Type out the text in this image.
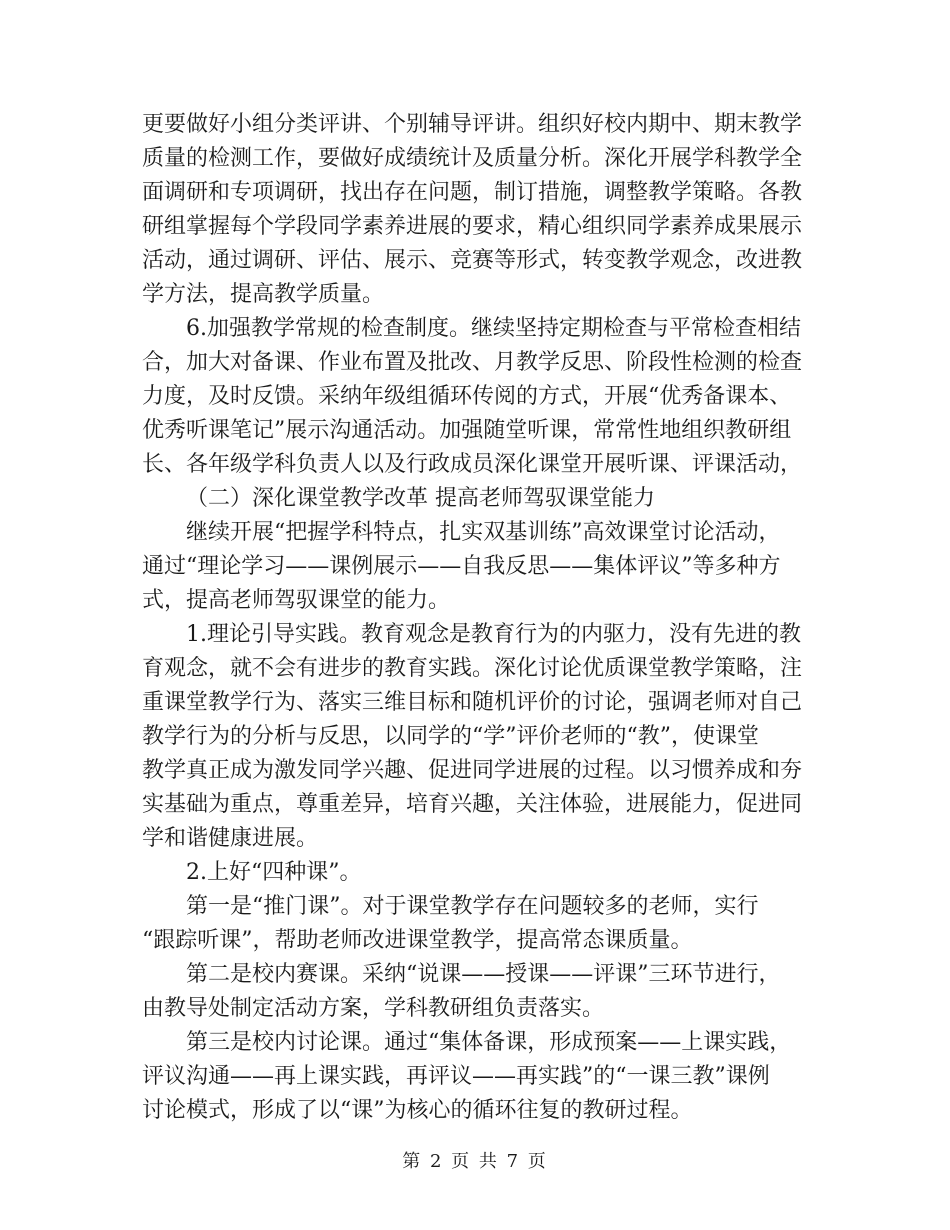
更要做好小组分类评讲、个别辅导评讲。组织好校内期中、期末教学
质量的检测工作，要做好成绩统计及质量分析。深化开展学科教学全
面调研和专项调研，找出存在问题，制订措施，调整教学策略。各教
研组掌握每个学段同学素养进展的要求，精心组织同学素养成果展示
活动，通过调研、评估、展示、竞赛等形式，转变教学观念，改进教
学方法，提高教学质量。
6.加强教学常规的检查制度。继续坚持定期检查与平常检查相结
合，加大对备课、作业布置及批改、月教学反思、阶段性检测的检查
力度，及时反馈。采纳年级组循环传阅的方式，开展“优秀备课本、
优秀听课笔记”展示沟通活动。加强随堂听课，常常性地组织教研组
长、各年级学科负责人以及行政成员深化课堂开展听课、评课活动，
（二）深化课堂教学改革 提高老师驾驭课堂能力
继续开展“把握学科特点，扎实双基训练”高效课堂讨论活动，
通过“理论学习——课例展示——自我反思——集体评议”等多种方
式，提高老师驾驭课堂的能力。
1.理论引导实践。教育观念是教育行为的内驱力，没有先进的教
育观念，就不会有进步的教育实践。深化讨论优质课堂教学策略，注
重课堂教学行为、落实三维目标和随机评价的讨论，强调老师对自己
教学行为的分析与反思，以同学的“学”评价老师的“教”，使课堂
教学真正成为激发同学兴趣、促进同学进展的过程。以习惯养成和夯
实基础为重点，尊重差异，培育兴趣，关注体验，进展能力，促进同
学和谐健康进展。
2.上好“四种课”。
第一是“推门课”。对于课堂教学存在问题较多的老师，实行
“跟踪听课”，帮助老师改进课堂教学，提高常态课质量。
第二是校内赛课。采纳“说课——授课——评课”三环节进行，
由教导处制定活动方案，学科教研组负责落实。
第三是校内讨论课。通过“集体备课，形成预案——上课实践，
评议沟通——再上课实践，再评议——再实践”的“一课三教”课例
讨论模式，形成了以“课”为核心的循环往复的教研过程。
第 2 页 共 7 页
